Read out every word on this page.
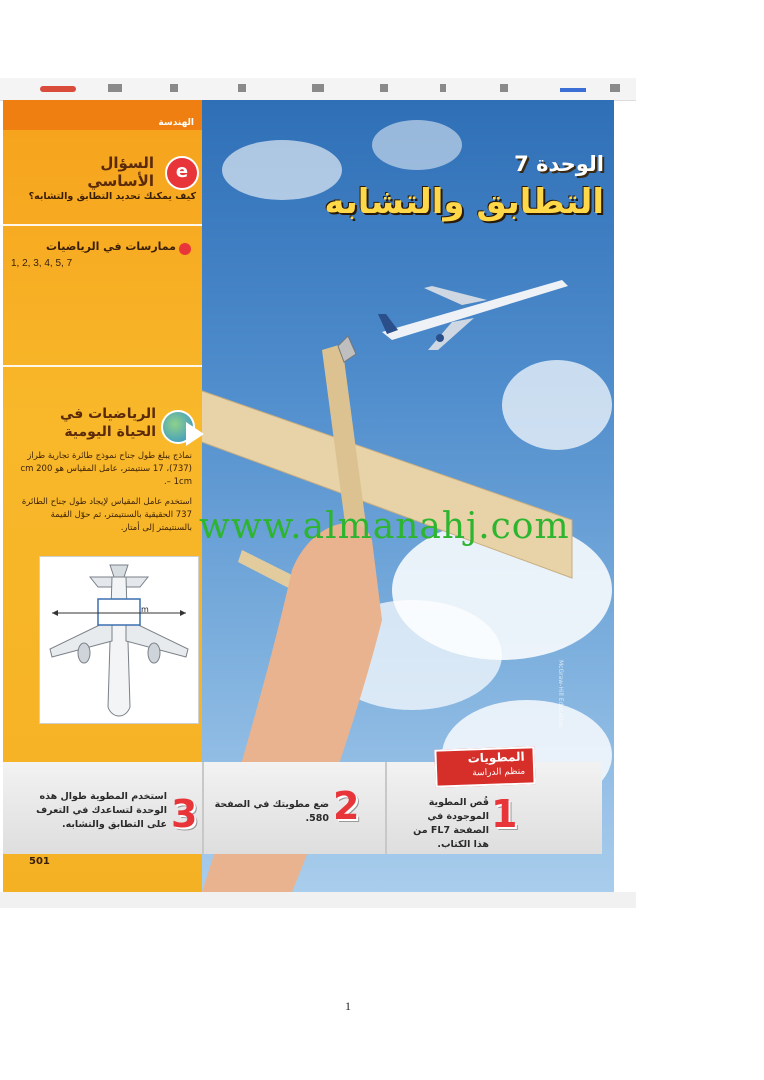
الهندسة
e
السؤال
الأساسي
كيف يمكنك تحديد التطابق والتشابه؟
ممارسات في الرياضيات
1, 2, 3, 4, 5, 7
الرياضيات في
الحياة اليومية
نماذج يبلغ طول جناح نموذج طائرة تجارية طراز (737)، 17 سنتيمتر، عامل المقياس هو 200 cm – 1cm.
استخدم عامل المقياس لإيجاد طول جناح الطائرة 737 الحقيقية بالسنتيمتر، ثم حوّل القيمة بالسنتيمتر إلى أمتار.
m
الوحدة 7
التطابق والتشابه
www.almanahj.com
McGraw-Hill Education
1
قُص المطوية الموجودة في الصفحة FL7 من هذا الكتاب.
2
ضع مطويتك في الصفحة 580.
3
استخدم المطوية طوال هذه الوحدة لتساعدك في التعرف على التطابق والتشابه.
المطويات
منظم الدراسة
501
1
